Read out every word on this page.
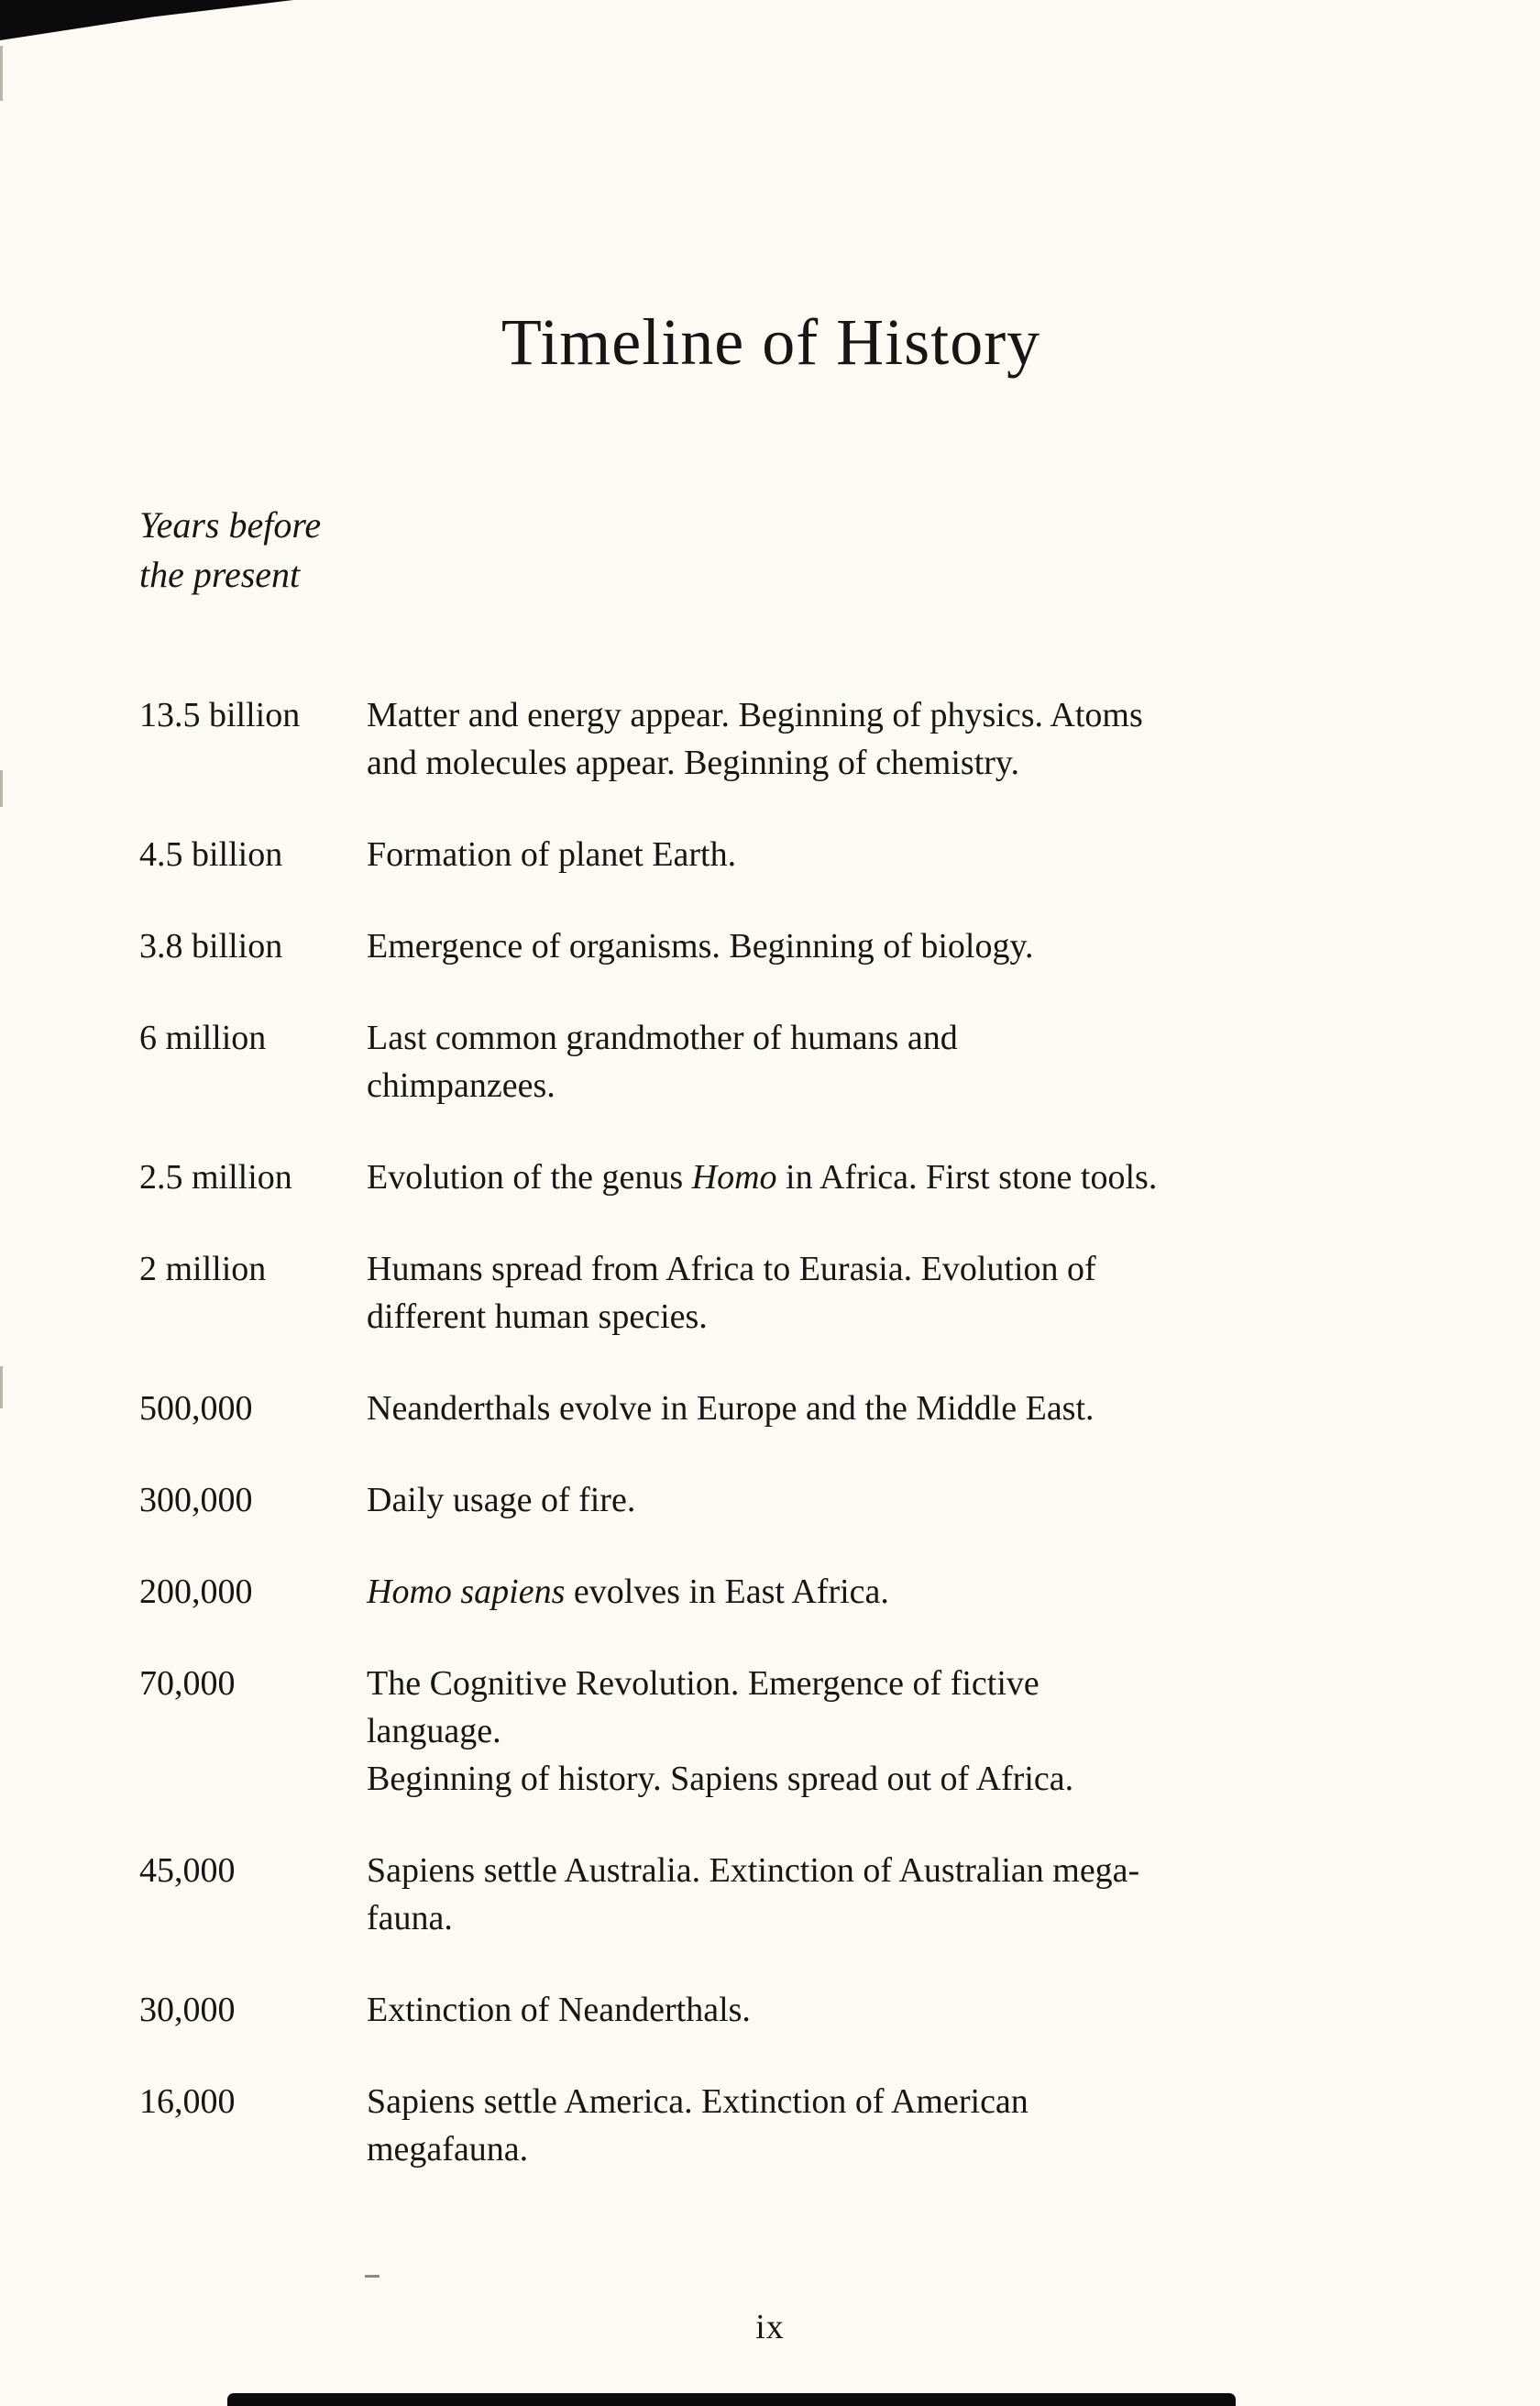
Timeline of History
Years before
the present
13.5 billion	Matter and energy appear. Beginning of physics. Atoms
and molecules appear. Beginning of chemistry.
4.5 billion	Formation of planet Earth.
3.8 billion	Emergence of organisms. Beginning of biology.
6 million	Last common grandmother of humans and
chimpanzees.
2.5 million	Evolution of the genus Homo in Africa. First stone tools.
2 million	Humans spread from Africa to Eurasia. Evolution of
different human species.
500,000	Neanderthals evolve in Europe and the Middle East.
300,000	Daily usage of fire.
200,000	Homo sapiens evolves in East Africa.
70,000	The Cognitive Revolution. Emergence of fictive
language.
Beginning of history. Sapiens spread out of Africa.
45,000	Sapiens settle Australia. Extinction of Australian mega-
fauna.
30,000	Extinction of Neanderthals.
16,000	Sapiens settle America. Extinction of American
megafauna.
ix
